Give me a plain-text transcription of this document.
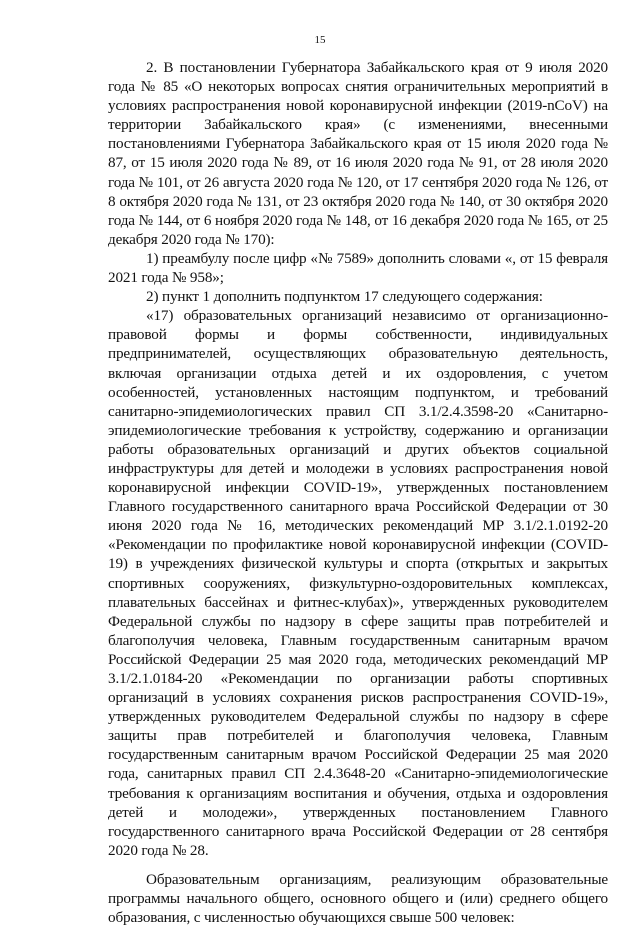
15

2. В постановлении Губернатора Забайкальского края от 9 июля 2020 года № 85 «О некоторых вопросах снятия ограничительных мероприятий в условиях распространения новой коронавирусной инфекции (2019-nCoV) на территории Забайкальского края» (с изменениями, внесенными постановлениями Губернатора Забайкальского края от 15 июля 2020 года № 87, от 15 июля 2020 года № 89, от 16 июля 2020 года № 91, от 28 июля 2020 года № 101, от 26 августа 2020 года № 120, от 17 сентября 2020 года № 126, от 8 октября 2020 года № 131, от 23 октября 2020 года № 140, от 30 октября 2020 года № 144, от 6 ноября 2020 года № 148, от 16 декабря 2020 года № 165, от 25 декабря 2020 года № 170):

1) преамбулу после цифр «№ 7589» дополнить словами «, от 15 февраля 2021 года № 958»;

2) пункт 1 дополнить подпунктом 17 следующего содержания:

«17) образовательных организаций независимо от организационно-правовой формы и формы собственности, индивидуальных предпринимателей, осуществляющих образовательную деятельность, включая организации отдыха детей и их оздоровления, с учетом особенностей, установленных настоящим подпунктом, и требований санитарно-эпидемиологических правил СП 3.1/2.4.3598-20 «Санитарно-эпидемиологические требования к устройству, содержанию и организации работы образовательных организаций и других объектов социальной инфраструктуры для детей и молодежи в условиях распространения новой коронавирусной инфекции COVID-19», утвержденных постановлением Главного государственного санитарного врача Российской Федерации от 30 июня 2020 года № 16, методических рекомендаций МР 3.1/2.1.0192-20 «Рекомендации по профилактике новой коронавирусной инфекции (COVID-19) в учреждениях физической культуры и спорта (открытых и закрытых спортивных сооружениях, физкультурно-оздоровительных комплексах, плавательных бассейнах и фитнес-клубах)», утвержденных руководителем Федеральной службы по надзору в сфере защиты прав потребителей и благополучия человека, Главным государственным санитарным врачом Российской Федерации 25 мая 2020 года, методических рекомендаций МР 3.1/2.1.0184-20 «Рекомендации по организации работы спортивных организаций в условиях сохранения рисков распространения COVID-19», утвержденных руководителем Федеральной службы по надзору в сфере защиты прав потребителей и благополучия человека, Главным государственным санитарным врачом Российской Федерации 25 мая 2020 года, санитарных правил СП 2.4.3648-20 «Санитарно-эпидемиологические требования к организациям воспитания и обучения, отдыха и оздоровления детей и молодежи», утвержденных постановлением Главного государственного санитарного врача Российской Федерации от 28 сентября 2020 года № 28.

Образовательным организациям, реализующим образовательные программы начального общего, основного общего и (или) среднего общего образования, с численностью обучающихся свыше 500 человек:
